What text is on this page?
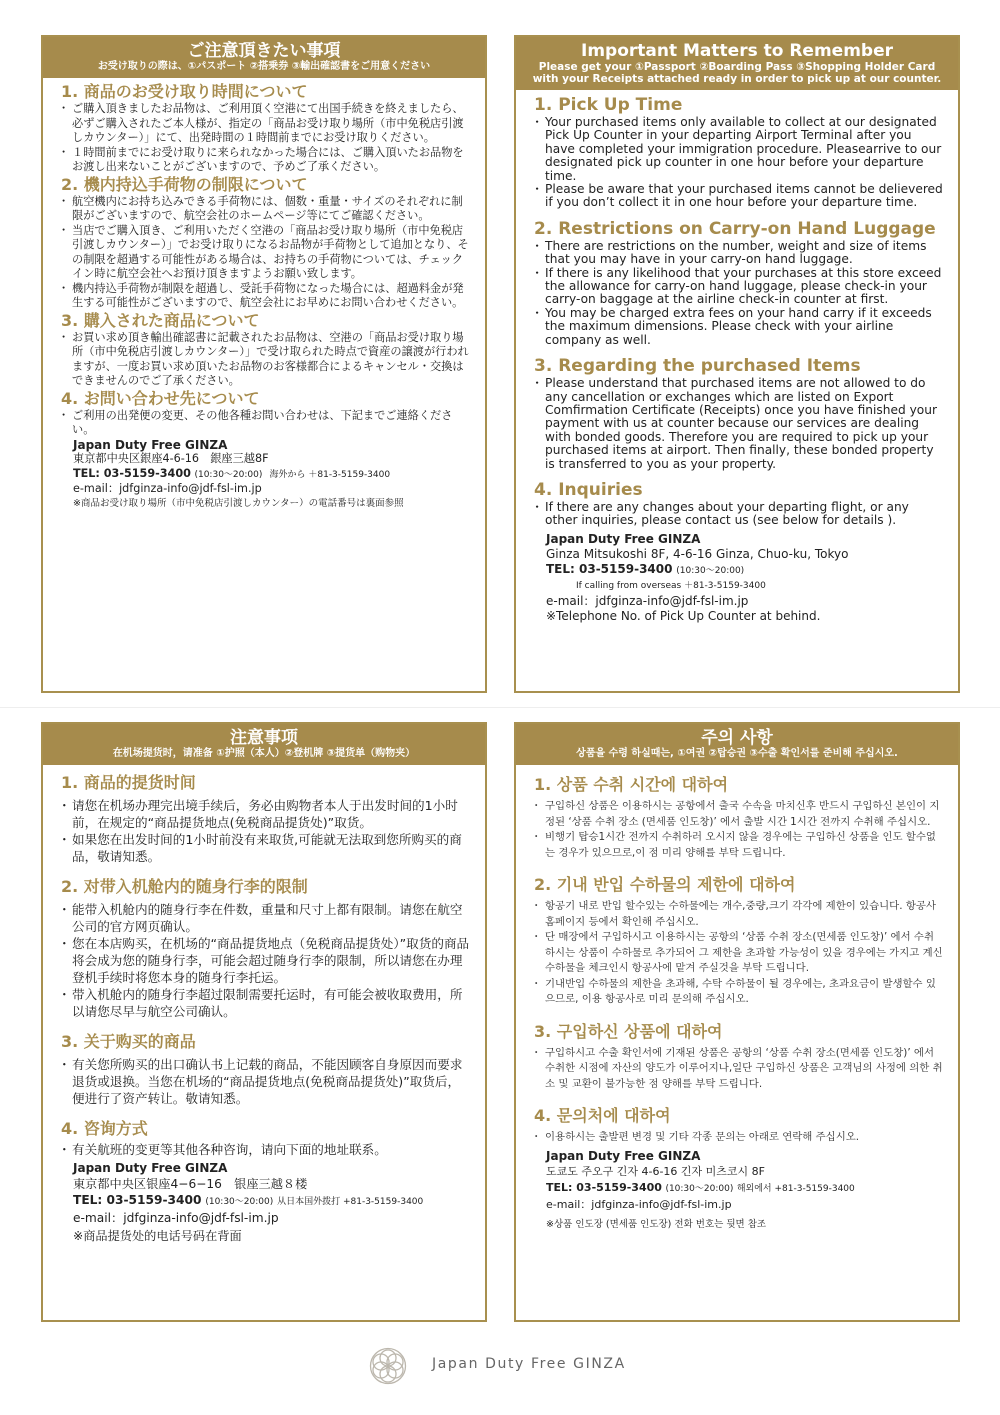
ご注意頂きたい事項
お受け取りの際は、①パスポート ②搭乗券 ③輸出確認書をご用意ください
1. 商品のお受け取り時間について
・ ご購入頂きましたお品物は、ご利用頂く空港にて出国手続きを終えましたら、必ずご購入されたご本人様が、指定の「商品お受け取り場所（市中免税店引渡しカウンター）」にて、出発時間の１時間前までにお受け取りください。
・ １時間前までにお受け取りに来られなかった場合には、ご購入頂いたお品物をお渡し出来ないことがございますので、予めご了承ください。
2. 機内持込手荷物の制限について
・ 航空機内にお持ち込みできる手荷物には、個数・重量・サイズのそれぞれに制限がございますので、航空会社のホームページ等にてご確認ください。
・ 当店でご購入頂き、ご利用いただく空港の「商品お受け取り場所（市中免税店引渡しカウンター）」でお受け取りになるお品物が手荷物として追加となり、その制限を超過する可能性がある場合は、お持ちの手荷物については、チェックイン時に航空会社へお預け頂きますようお願い致します。
・ 機内持込手荷物が制限を超過し、受託手荷物になった場合には、超過料金が発生する可能性がございますので、航空会社にお早めにお問い合わせください。
3. 購入された商品について
・ お買い求め頂き輸出確認書に記載されたお品物は、空港の「商品お受け取り場所（市中免税店引渡しカウンター）」で受け取られた時点で資産の譲渡が行われますが、一度お買い求め頂いたお品物のお客様都合によるキャンセル・交換はできませんのでご了承ください。
4. お問い合わせ先について
・ ご利用の出発便の変更、その他各種お問い合わせは、下記までご連絡ください。
Japan Duty Free GINZA
東京都中央区銀座4-6-16　銀座三越8F
TEL: 03-5159-3400 (10:30〜20:00) 海外から ＋81-3-5159-3400
e-mail：jdfginza-info@jdf-fsl-im.jp
※商品お受け取り場所（市中免税店引渡しカウンター）の電話番号は裏面参照
Important Matters to Remember
Please get your ①Passport ②Boarding Pass ③Shopping Holder Card
with your Receipts attached ready in order to pick up at our counter.
1. Pick Up Time
・ Your purchased items only available to collect at our designated Pick Up Counter in your departing Airport Terminal after you have completed your immigration procedure. Pleasearrive to our designated pick up counter in one hour before your departure time.
・ Please be aware that your purchased items cannot be delievered if you don’t collect it in one hour before your departure time.
2. Restrictions on Carry-on Hand Luggage
・ There are restrictions on the number, weight and size of items that you may have in your carry-on hand luggage.
・ If there is any likelihood that your purchases at this store exceed the allowance for carry-on hand luggage, please check-in your carry-on baggage at the airline check-in counter at first.
・ You may be charged extra fees on your hand carry if it exceeds the maximum dimensions. Please check with your airline company as well.
3. Regarding the purchased Items
・ Please understand that purchased items are not allowed to do any cancellation or exchanges which are listed on Export Comfirmation Certificate (Receipts) once you have finished your payment with us at counter because our services are dealing with bonded goods. Therefore you are required to pick up your purchased items at airport. Then finally, these bonded property is transferred to you as your property.
4. Inquiries
・ If there are any changes about your departing flight, or any other inquiries, please contact us (see below for details ).
Japan Duty Free GINZA
Ginza Mitsukoshi 8F, 4-6-16 Ginza, Chuo-ku, Tokyo
TEL: 03-5159-3400 (10:30〜20:00)
If calling from overseas ＋81-3-5159-3400
e-mail：jdfginza-info@jdf-fsl-im.jp
※Telephone No. of Pick Up Counter at behind.
注意事项
在机场提货时，请准备 ①护照（本人）②登机牌 ③提货单（购物夹）
1. 商品的提货时间
・ 请您在机场办理完出境手续后，务必由购物者本人于出发时间的1小时前，在规定的“商品提货地点(免税商品提货处)”取货。
・ 如果您在出发时间的1小时前没有来取货,可能就无法取到您所购买的商品，敬请知悉。
2. 对带入机舱内的随身行李的限制
・ 能带入机舱内的随身行李在件数，重量和尺寸上都有限制。请您在航空公司的官方网页确认。
・ 您在本店购买，在机场的“商品提货地点（免税商品提货处）”取货的商品将会成为您的随身行李，可能会超过随身行李的限制，所以请您在办理登机手续时将您本身的随身行李托运。
・ 带入机舱内的随身行李超过限制需要托运时，有可能会被收取费用，所以请您尽早与航空公司确认。
3. 关于购买的商品
・ 有关您所购买的出口确认书上记载的商品，不能因顾客自身原因而要求退货或退换。当您在机场的“商品提货地点(免税商品提货处)”取货后，便进行了资产转让。敬请知悉。
4. 咨询方式
・ 有关航班的变更等其他各种咨询，请向下面的地址联系。
Japan Duty Free GINZA
東京都中央区银座4−6−16　银座三越８楼
TEL: 03-5159-3400 (10:30〜20:00) 从日本国外拨打 +81-3-5159-3400
e-mail：jdfginza-info@jdf-fsl-im.jp
※商品提货处的电话号码在背面
주의 사항
상품을 수령 하실때는, ①여권 ②탑승권 ③수출 확인서를 준비해 주십시오.
1. 상품 수취 시간에 대하여
・ 구입하신 상품은 이용하시는 공항에서 출국 수속을 마치신후 반드시 구입하신 본인이 지정된 ‘상품 수취 장소 (면세품 인도창)’ 에서 출발 시간 1시간 전까지 수취해 주십시오.
・ 비행기 탑승1시간 전까지 수취하러 오시지 않을 경우에는 구입하신 상품을 인도 할수없는 경우가 있으므로,이 점 미리 양해를 부탁 드립니다.
2. 기내 반입 수하물의 제한에 대하여
・ 항공기 내로 반입 할수있는 수하물에는 개수,중량,크기 각각에 제한이 있습니다. 항공사 홈페이지 등에서 확인해 주십시오.
・ 단 매장에서 구입하시고 이용하시는 공항의 ‘상품 수취 장소(면세품 인도창)’ 에서 수취하시는 상품이 수하물로 추가되어 그 제한을 초과할 가능성이 있을 경우에는 가지고 계신 수하물을 체크인시 항공사에 맡겨 주실것을 부탁 드립니다.
・ 기내반입 수하물의 제한을 초과해, 수탁 수하물이 될 경우에는, 초과요금이 발생할수 있으므로, 이용 항공사로 미리 문의해 주십시오.
3. 구입하신 상품에 대하여
・ 구입하시고 수출 확인서에 기재된 상품은 공항의 ‘상품 수취 장소(면세품 인도창)’ 에서 수취한 시점에 자산의 양도가 이루어지나,일단 구입하신 상품은 고객님의 사정에 의한 취소 및 교환이 불가능한 점 양해를 부탁 드립니다.
4. 문의처에 대하여
・ 이용하시는 출발편 변경 및 기타 각종 문의는 아래로 연락해 주십시오.
Japan Duty Free GINZA
도쿄도 주오구 긴자 4-6-16 긴자 미츠코시 8F
TEL: 03-5159-3400 (10:30〜20:00) 해외에서 +81-3-5159-3400
e-mail：jdfginza-info@jdf-fsl-im.jp
※상품 인도장 (면세품 인도장) 전화 번호는 뒷면 참조
Japan Duty Free GINZA
